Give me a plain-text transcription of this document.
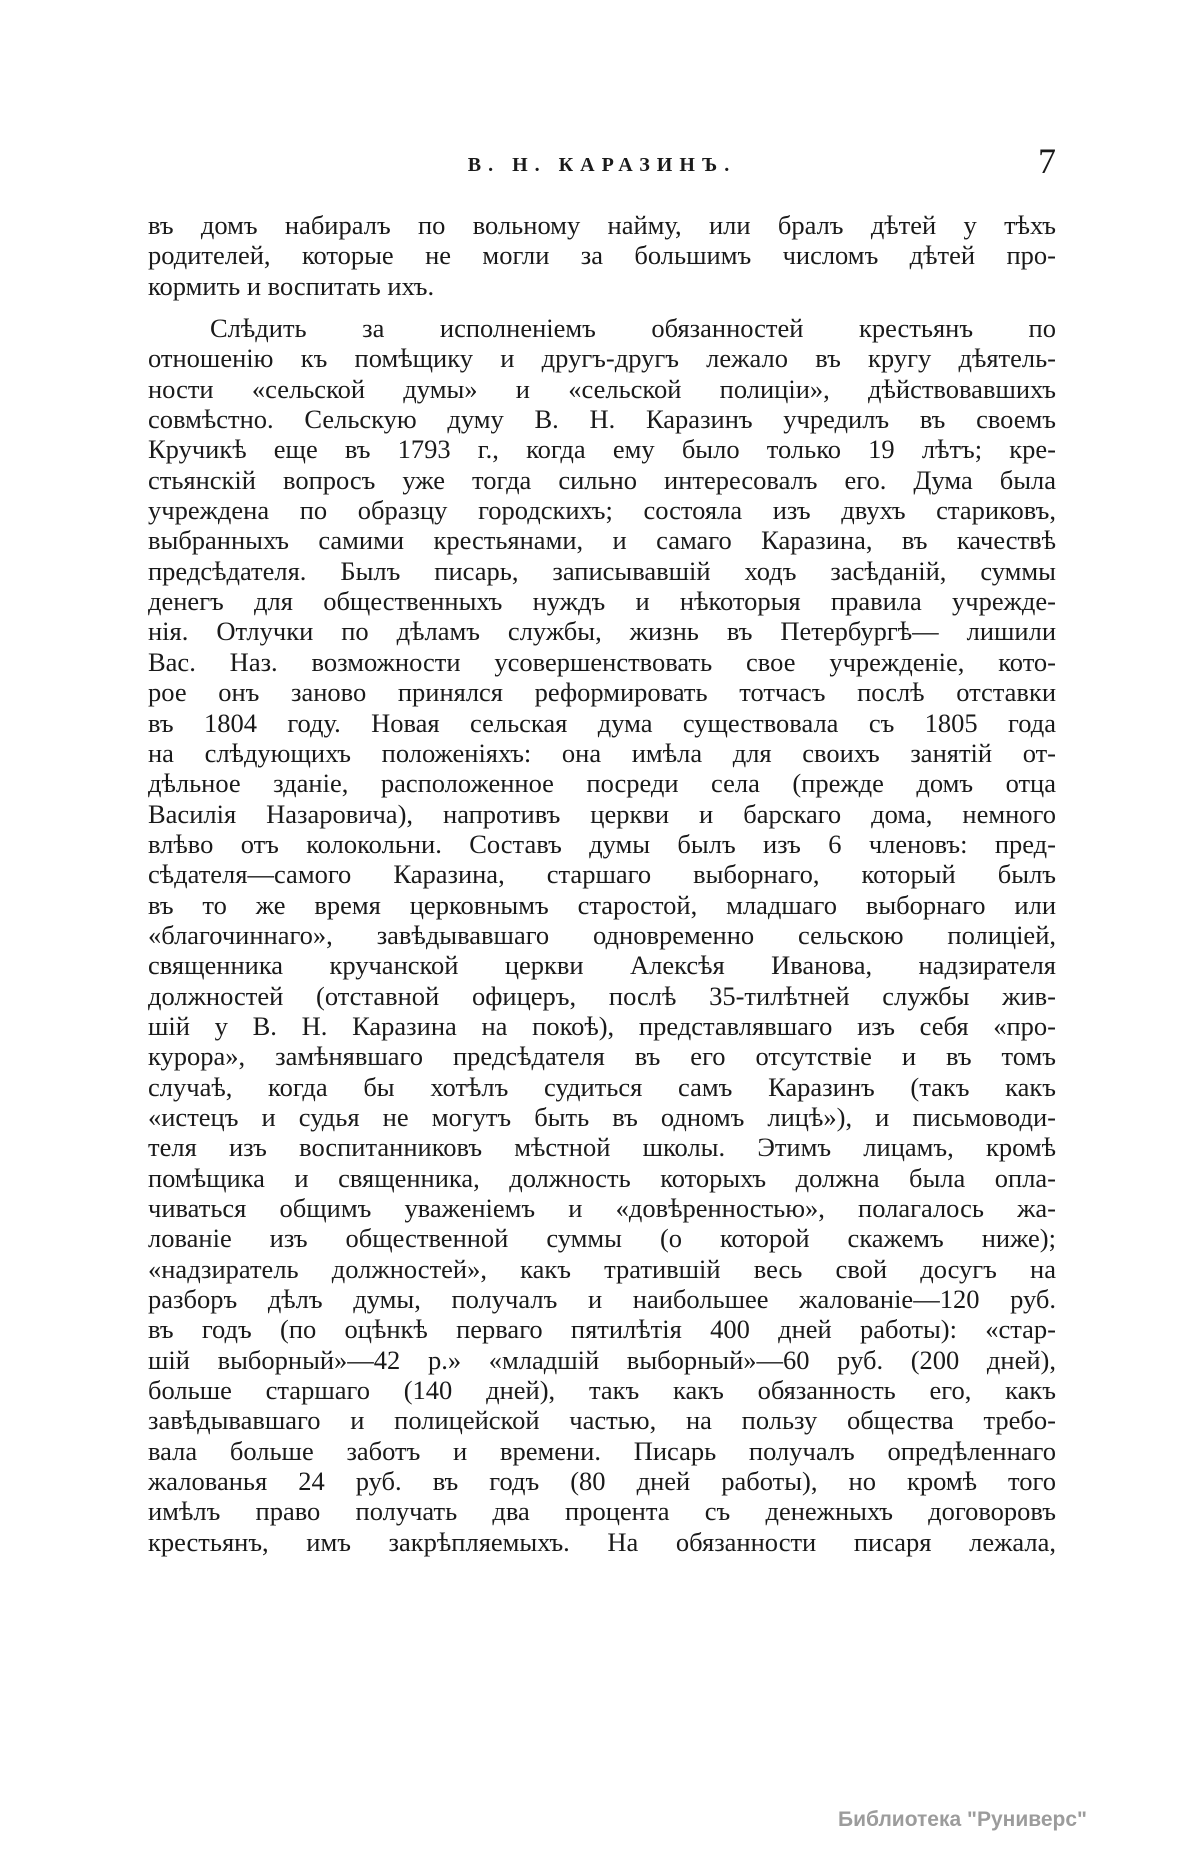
В. Н. КАРАЗИНЪ.	7
въ домъ набиралъ по вольному найму, или бралъ дѣтей у тѣхъ
родителей, которые не могли за большимъ числомъ дѣтей про-
кормить и воспитать ихъ.
Слѣдить за исполненіемъ обязанностей крестьянъ по
отношенію къ помѣщику и другъ-другъ лежало въ кругу дѣятель-
ности «сельской думы» и «сельской полиціи», дѣйствовавшихъ
совмѣстно. Сельскую думу В. Н. Каразинъ учредилъ въ своемъ
Кручикѣ еще въ 1793 г., когда ему было только 19 лѣтъ; кре-
стьянскій вопросъ уже тогда сильно интересовалъ его. Дума была
учреждена по образцу городскихъ; состояла изъ двухъ стариковъ,
выбранныхъ самими крестьянами, и самаго Каразина, въ качествѣ
предсѣдателя. Былъ писарь, записывавшій ходъ засѣданій, суммы
денегъ для общественныхъ нуждъ и нѣкоторыя правила учрежде-
нія. Отлучки по дѣламъ службы, жизнь въ Петербургѣ— лишили
Вас. Наз. возможности усовершенствовать свое учрежденіе, кото-
рое онъ заново принялся реформировать тотчасъ послѣ отставки
въ 1804 году. Новая сельская дума существовала съ 1805 года
на слѣдующихъ положеніяхъ: она имѣла для своихъ занятій от-
дѣльное зданіе, расположенное посреди села (прежде домъ отца
Василія Назаровича), напротивъ церкви и барскаго дома, немного
влѣво отъ колокольни. Составъ думы былъ изъ 6 членовъ: пред-
сѣдателя—самого Каразина, старшаго выборнаго, который былъ
въ то же время церковнымъ старостой, младшаго выборнаго или
«благочиннаго», завѣдывавшаго одновременно сельскою полиціей,
священника кручанской церкви Алексѣя Иванова, надзирателя
должностей (отставной офицеръ, послѣ 35-тилѣтней службы жив-
шій у В. Н. Каразина на покоѣ), представлявшаго изъ себя «про-
курора», замѣнявшаго предсѣдателя въ его отсутствіе и въ томъ
случаѣ, когда бы хотѣлъ судиться самъ Каразинъ (такъ какъ
«истецъ и судья не могутъ быть въ одномъ лицѣ»), и письмоводи-
теля изъ воспитанниковъ мѣстной школы. Этимъ лицамъ, кромѣ
помѣщика и священника, должность которыхъ должна была опла-
чиваться общимъ уваженіемъ и «довѣренностью», полагалось жа-
лованіе изъ общественной суммы (о которой скажемъ ниже);
«надзиратель должностей», какъ тратившій весь свой досугъ на
разборъ дѣлъ думы, получалъ и наибольшее жалованіе—120 руб.
въ годъ (по оцѣнкѣ перваго пятилѣтія 400 дней работы): «стар-
шій выборный»—42 р.» «младшій выборный»—60 руб. (200 дней),
больше старшаго (140 дней), такъ какъ обязанность его, какъ
завѣдывавшаго и полицейской частью, на пользу общества требо-
вала больше заботъ и времени. Писарь получалъ опредѣленнаго
жалованья 24 руб. въ годъ (80 дней работы), но кромѣ того
имѣлъ право получать два процента съ денежныхъ договоровъ
крестьянъ, имъ закрѣпляемыхъ. На обязанности писаря лежала,
Библиотека "Руниверс"
